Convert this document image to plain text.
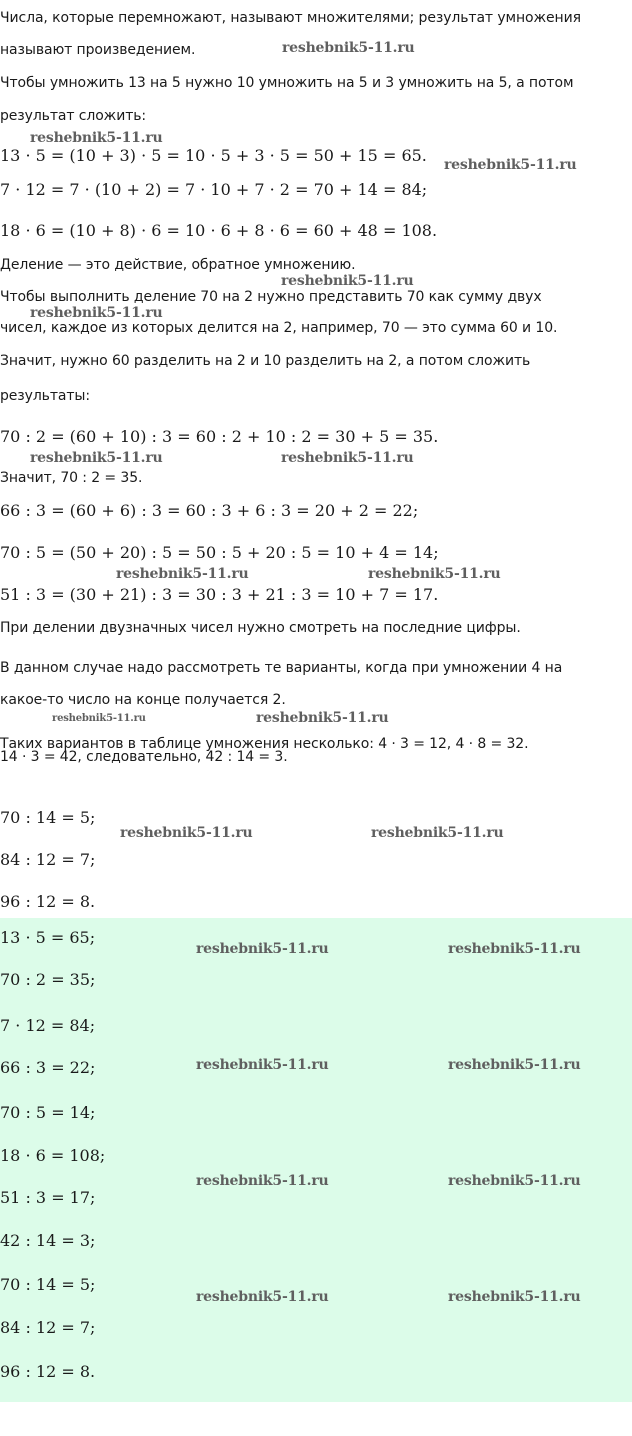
Числа, которые перемножают, называют множителями; результат умножения
называют произведением.
Чтобы умножить 13 на 5 нужно 10 умножить на 5 и 3 умножить на 5, а потом
результат сложить:
13 · 5 = (10 + 3) · 5 = 10 · 5 + 3 · 5 = 50 + 15 = 65.
7 · 12 = 7 · (10 + 2) = 7 · 10 + 7 · 2 = 70 + 14 = 84;
18 · 6 = (10 + 8) · 6 = 10 · 6 + 8 · 6 = 60 + 48 = 108.
Деление — это действие, обратное умножению.
Чтобы выполнить деление 70 на 2 нужно представить 70 как сумму двух
чисел, каждое из которых делится на 2, например, 70 — это сумма 60 и 10.
Значит, нужно 60 разделить на 2 и 10 разделить на 2, а потом сложить
результаты:
70 : 2 = (60 + 10) : 3 = 60 : 2 + 10 : 2 = 30 + 5 = 35.
Значит, 70 : 2 = 35.
66 : 3 = (60 + 6) : 3 = 60 : 3 + 6 : 3 = 20 + 2 = 22;
70 : 5 = (50 + 20) : 5 = 50 : 5 + 20 : 5 = 10 + 4 = 14;
51 : 3 = (30 + 21) : 3 = 30 : 3 + 21 : 3 = 10 + 7 = 17.
При делении двузначных чисел нужно смотреть на последние цифры.
В данном случае надо рассмотреть те варианты, когда при умножении 4 на
какое-то число на конце получается 2.
Таких вариантов в таблице умножения несколько: 4 · 3 = 12, 4 · 8 = 32.
14 · 3 = 42, следовательно, 42 : 14 = 3.
70 : 14 = 5;
84 : 12 = 7;
96 : 12 = 8.
13 · 5 = 65;
70 : 2 = 35;
7 · 12 = 84;
66 : 3 = 22;
70 : 5 = 14;
18 · 6 = 108;
51 : 3 = 17;
42 : 14 = 3;
70 : 14 = 5;
84 : 12 = 7;
96 : 12 = 8.
reshebnik5-11.ru
reshebnik5-11.ru
reshebnik5-11.ru
reshebnik5-11.ru
reshebnik5-11.ru
reshebnik5-11.ru	reshebnik5-11.ru
reshebnik5-11.ru	reshebnik5-11.ru
reshebnik5-11.ru	reshebnik5-11.ru
reshebnik5-11.ru	reshebnik5-11.ru
reshebnik5-11.ru	reshebnik5-11.ru
reshebnik5-11.ru	reshebnik5-11.ru
reshebnik5-11.ru	reshebnik5-11.ru
reshebnik5-11.ru	reshebnik5-11.ru
